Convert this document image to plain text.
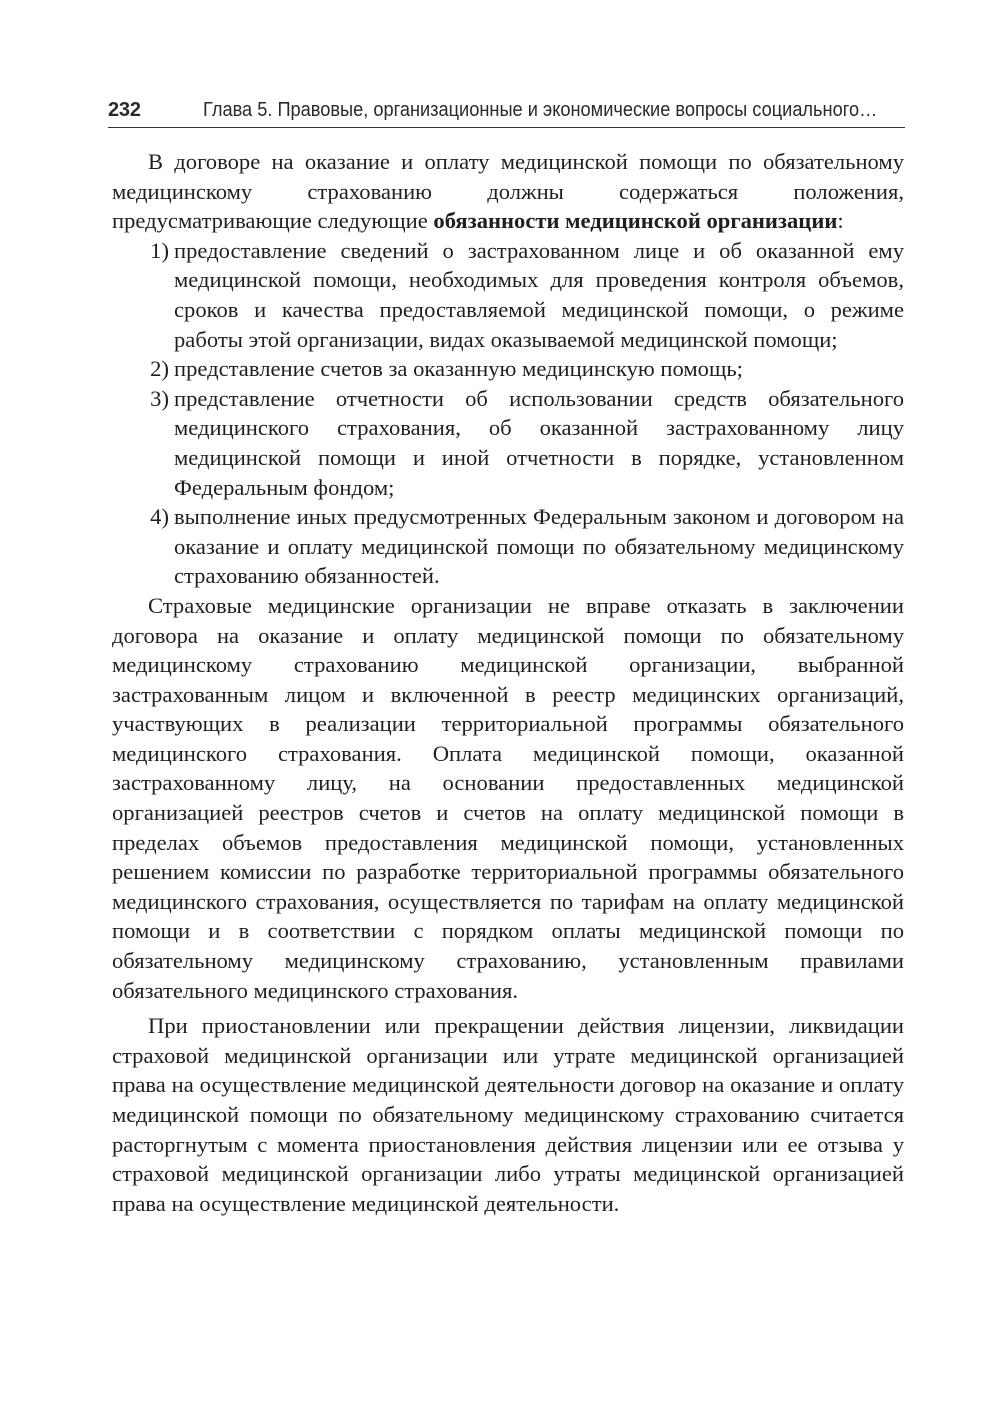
232	Глава 5. Правовые, организационные и экономические вопросы социального…

В договоре на оказание и оплату медицинской помощи по обязательному медицинскому страхованию должны содержаться положения, предусматривающие следующие обязанности медицинской организации:

1) предоставление сведений о застрахованном лице и об оказанной ему медицинской помощи, необходимых для проведения контроля объемов, сроков и качества предоставляемой медицинской помощи, о режиме работы этой организации, видах оказываемой медицинской помощи;
2) представление счетов за оказанную медицинскую помощь;
3) представление отчетности об использовании средств обязательного медицинского страхования, об оказанной застрахованному лицу медицинской помощи и иной отчетности в порядке, установленном Федеральным фондом;
4) выполнение иных предусмотренных Федеральным законом и договором на оказание и оплату медицинской помощи по обязательному медицинскому страхованию обязанностей.

Страховые медицинские организации не вправе отказать в заключении договора на оказание и оплату медицинской помощи по обязательному медицинскому страхованию медицинской организации, выбранной застрахованным лицом и включенной в реестр медицинских организаций, участвующих в реализации территориальной программы обязательного медицинского страхования. Оплата медицинской помощи, оказанной застрахованному лицу, на основании предоставленных медицинской организацией реестров счетов и счетов на оплату медицинской помощи в пределах объемов предоставления медицинской помощи, установленных решением комиссии по разработке территориальной программы обязательного медицинского страхования, осуществляется по тарифам на оплату медицинской помощи и в соответствии с порядком оплаты медицинской помощи по обязательному медицинскому страхованию, установленным правилами обязательного медицинского страхования.

При приостановлении или прекращении действия лицензии, ликвидации страховой медицинской организации или утрате медицинской организацией права на осуществление медицинской деятельности договор на оказание и оплату медицинской помощи по обязательному медицинскому страхованию считается расторгнутым с момента приостановления действия лицензии или ее отзыва у страховой медицинской организации либо утраты медицинской организацией права на осуществление медицинской деятельности.
